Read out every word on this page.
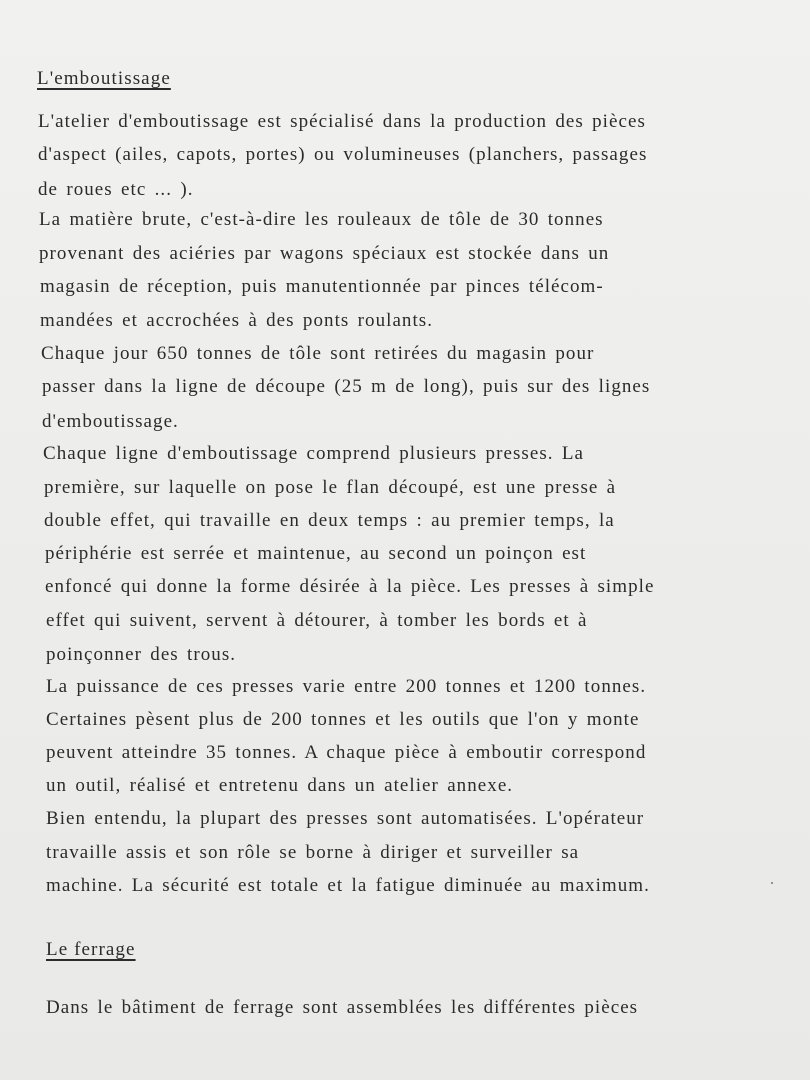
L'emboutissage
L'atelier d'emboutissage est spécialisé dans la production des pièces
d'aspect (ailes, capots, portes) ou volumineuses (planchers, passages
de roues etc ... ).
La matière brute, c'est-à-dire les rouleaux de tôle de 30 tonnes
provenant des aciéries par wagons spéciaux est stockée dans un
magasin de réception, puis manutentionnée par pinces télécom-
mandées et accrochées à des ponts roulants.
Chaque jour 650 tonnes de tôle sont retirées du magasin pour
passer dans la ligne de découpe (25 m de long), puis sur des lignes
d'emboutissage.
Chaque ligne d'emboutissage comprend plusieurs presses. La
première, sur laquelle on pose le flan découpé, est une presse à
double effet, qui travaille en deux temps : au premier temps, la
périphérie est serrée et maintenue, au second un poinçon est
enfoncé qui donne la forme désirée à la pièce. Les presses à simple
effet qui suivent, servent à détourer, à tomber les bords et à
poinçonner des trous.
La puissance de ces presses varie entre 200 tonnes et 1200 tonnes.
Certaines pèsent plus de 200 tonnes et les outils que l'on y monte
peuvent atteindre 35 tonnes. A chaque pièce à emboutir correspond
un outil, réalisé et entretenu dans un atelier annexe.
Bien entendu, la plupart des presses sont automatisées. L'opérateur
travaille assis et son rôle se borne à diriger et surveiller sa
machine. La sécurité est totale et la fatigue diminuée au maximum.
Le ferrage
Dans le bâtiment de ferrage sont assemblées les différentes pièces
